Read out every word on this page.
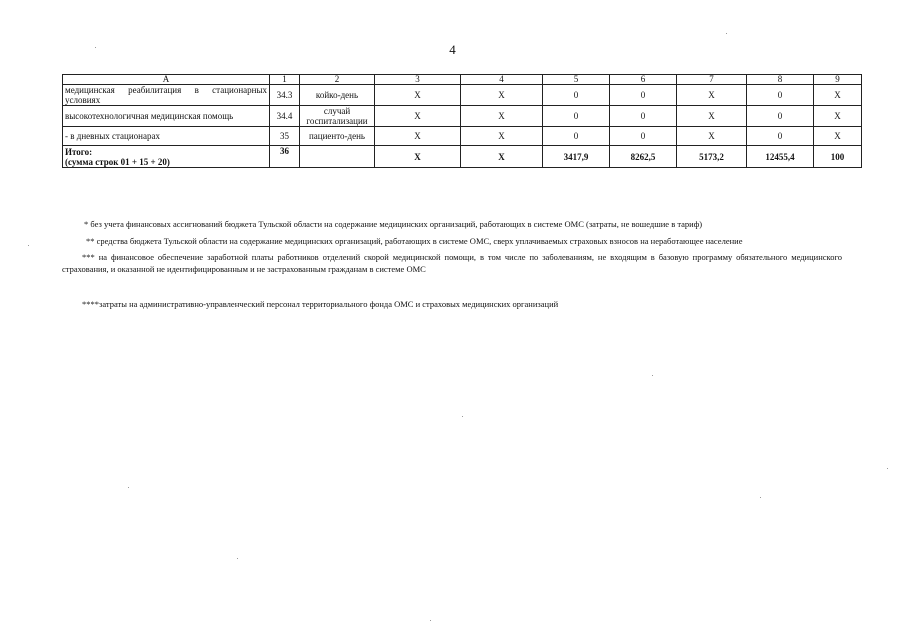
4
А	1	2	3	4	5	6	7	8	9
медицинская реабилитация в стационарных условиях	34.3	койко-день	Х	Х	0	0	Х	0	Х
высокотехнологичная медицинская помощь	34.4	случай госпитализации	Х	Х	0	0	Х	0	Х
- в дневных стационарах	35	пациенто-день	Х	Х	0	0	Х	0	Х

Итого:
(сумма строк 01 + 15 + 20)	36		Х	Х	3417,9	8262,5	5173,2	12455,4	100
* без учета финансовых ассигнований бюджета Тульской области на содержание медицинских организаций, работающих в системе ОМС (затраты, не вошедшие в тариф)
** средства бюджета Тульской области на содержание медицинских организаций, работающих в системе ОМС, сверх уплачиваемых страховых взносов на неработающее население
*** на финансовое обеспечение заработной платы работников отделений скорой медицинской помощи, в том числе по заболеваниям, не входящим в базовую программу обязательного медицинского страхования, и оказанной не идентифицированным и не застрахованным гражданам в системе ОМС
****затраты на административно-управленческий персонал территориального фонда ОМС и страховых медицинских организаций
